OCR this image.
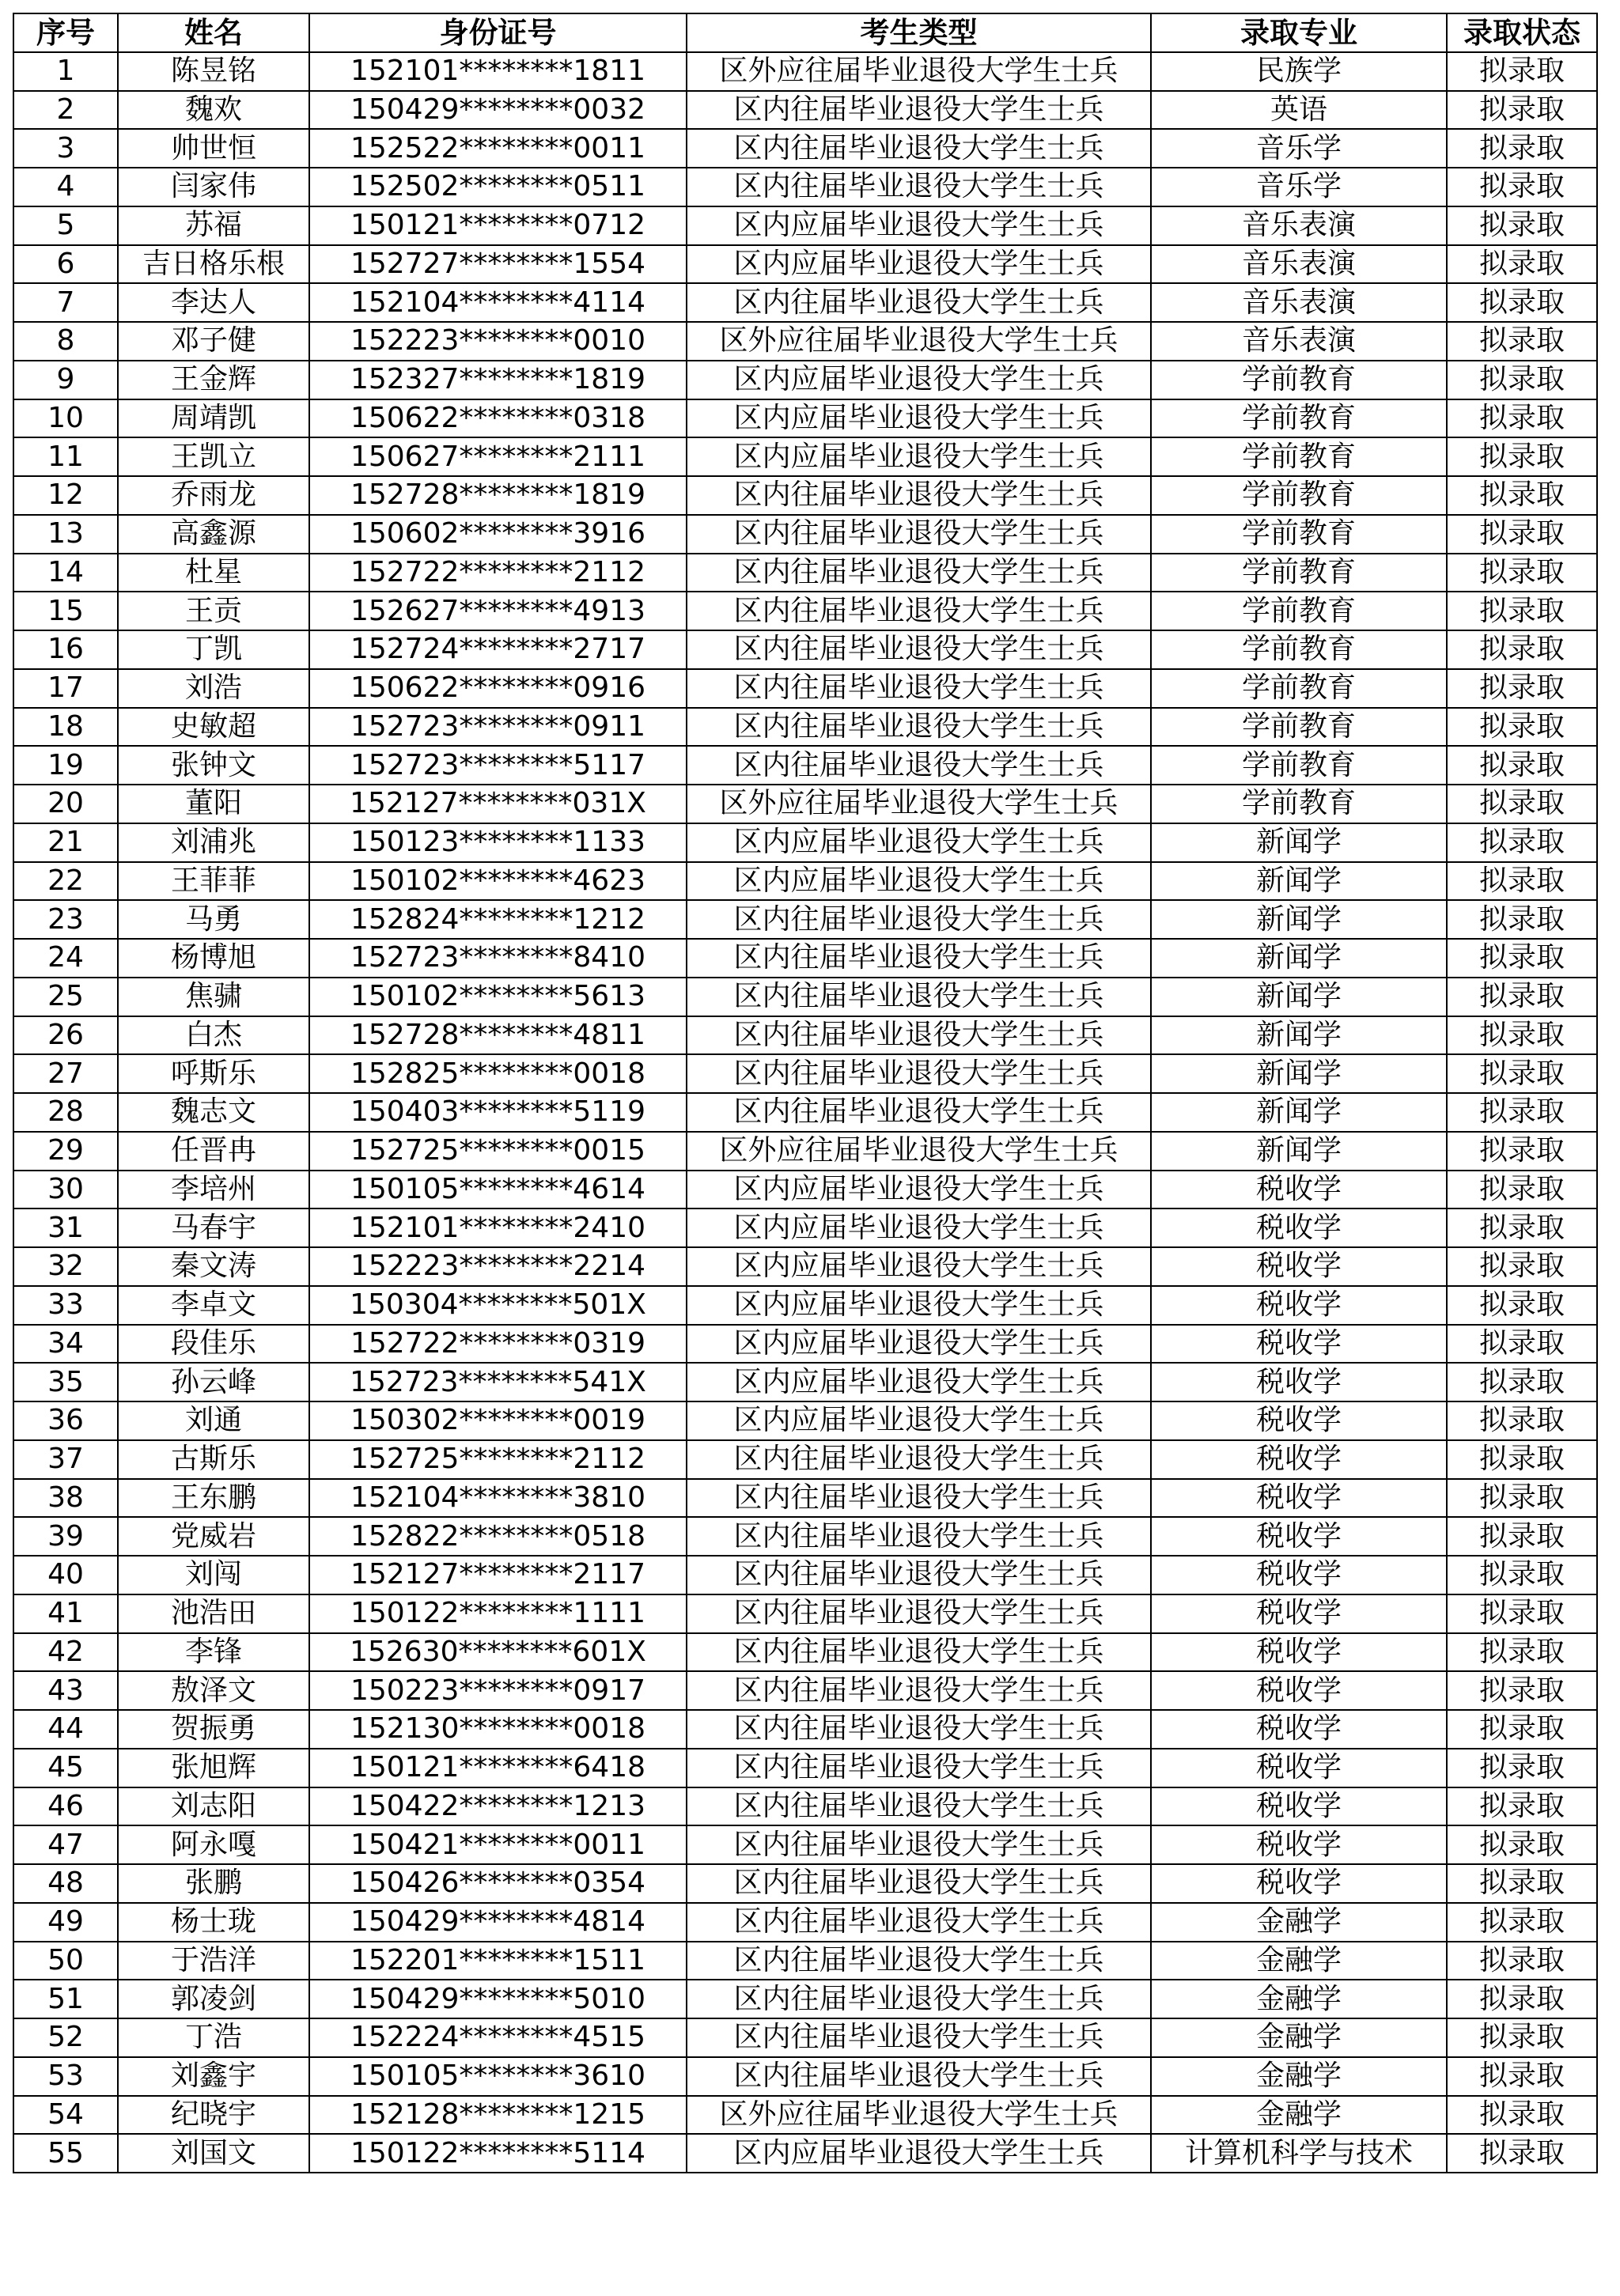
序号	姓名	身份证号	考生类型	录取专业	录取状态
1	陈昱铭	152101********1811	区外应往届毕业退役大学生士兵	民族学	拟录取
2	魏欢	150429********0032	区内往届毕业退役大学生士兵	英语	拟录取
3	帅世恒	152522********0011	区内往届毕业退役大学生士兵	音乐学	拟录取
4	闫家伟	152502********0511	区内往届毕业退役大学生士兵	音乐学	拟录取
5	苏福	150121********0712	区内应届毕业退役大学生士兵	音乐表演	拟录取
6	吉日格乐根	152727********1554	区内应届毕业退役大学生士兵	音乐表演	拟录取
7	李达人	152104********4114	区内往届毕业退役大学生士兵	音乐表演	拟录取
8	邓子健	152223********0010	区外应往届毕业退役大学生士兵	音乐表演	拟录取
9	王金辉	152327********1819	区内应届毕业退役大学生士兵	学前教育	拟录取
10	周靖凯	150622********0318	区内应届毕业退役大学生士兵	学前教育	拟录取
11	王凯立	150627********2111	区内应届毕业退役大学生士兵	学前教育	拟录取
12	乔雨龙	152728********1819	区内往届毕业退役大学生士兵	学前教育	拟录取
13	高鑫源	150602********3916	区内往届毕业退役大学生士兵	学前教育	拟录取
14	杜星	152722********2112	区内往届毕业退役大学生士兵	学前教育	拟录取
15	王贡	152627********4913	区内往届毕业退役大学生士兵	学前教育	拟录取
16	丁凯	152724********2717	区内往届毕业退役大学生士兵	学前教育	拟录取
17	刘浩	150622********0916	区内往届毕业退役大学生士兵	学前教育	拟录取
18	史敏超	152723********0911	区内往届毕业退役大学生士兵	学前教育	拟录取
19	张钟文	152723********5117	区内往届毕业退役大学生士兵	学前教育	拟录取
20	董阳	152127********031X	区外应往届毕业退役大学生士兵	学前教育	拟录取
21	刘浦兆	150123********1133	区内应届毕业退役大学生士兵	新闻学	拟录取
22	王菲菲	150102********4623	区内应届毕业退役大学生士兵	新闻学	拟录取
23	马勇	152824********1212	区内往届毕业退役大学生士兵	新闻学	拟录取
24	杨博旭	152723********8410	区内往届毕业退役大学生士兵	新闻学	拟录取
25	焦骕	150102********5613	区内往届毕业退役大学生士兵	新闻学	拟录取
26	白杰	152728********4811	区内往届毕业退役大学生士兵	新闻学	拟录取
27	呼斯乐	152825********0018	区内往届毕业退役大学生士兵	新闻学	拟录取
28	魏志文	150403********5119	区内往届毕业退役大学生士兵	新闻学	拟录取
29	任晋冉	152725********0015	区外应往届毕业退役大学生士兵	新闻学	拟录取
30	李培州	150105********4614	区内应届毕业退役大学生士兵	税收学	拟录取
31	马春宇	152101********2410	区内应届毕业退役大学生士兵	税收学	拟录取
32	秦文涛	152223********2214	区内应届毕业退役大学生士兵	税收学	拟录取
33	李卓文	150304********501X	区内应届毕业退役大学生士兵	税收学	拟录取
34	段佳乐	152722********0319	区内应届毕业退役大学生士兵	税收学	拟录取
35	孙云峰	152723********541X	区内应届毕业退役大学生士兵	税收学	拟录取
36	刘通	150302********0019	区内应届毕业退役大学生士兵	税收学	拟录取
37	古斯乐	152725********2112	区内往届毕业退役大学生士兵	税收学	拟录取
38	王东鹏	152104********3810	区内往届毕业退役大学生士兵	税收学	拟录取
39	党威岩	152822********0518	区内往届毕业退役大学生士兵	税收学	拟录取
40	刘闯	152127********2117	区内往届毕业退役大学生士兵	税收学	拟录取
41	池浩田	150122********1111	区内往届毕业退役大学生士兵	税收学	拟录取
42	李锋	152630********601X	区内往届毕业退役大学生士兵	税收学	拟录取
43	敖泽文	150223********0917	区内往届毕业退役大学生士兵	税收学	拟录取
44	贺振勇	152130********0018	区内往届毕业退役大学生士兵	税收学	拟录取
45	张旭辉	150121********6418	区内往届毕业退役大学生士兵	税收学	拟录取
46	刘志阳	150422********1213	区内往届毕业退役大学生士兵	税收学	拟录取
47	阿永嘎	150421********0011	区内往届毕业退役大学生士兵	税收学	拟录取
48	张鹏	150426********0354	区内往届毕业退役大学生士兵	税收学	拟录取
49	杨士珑	150429********4814	区内往届毕业退役大学生士兵	金融学	拟录取
50	于浩洋	152201********1511	区内往届毕业退役大学生士兵	金融学	拟录取
51	郭凌剑	150429********5010	区内往届毕业退役大学生士兵	金融学	拟录取
52	丁浩	152224********4515	区内往届毕业退役大学生士兵	金融学	拟录取
53	刘鑫宇	150105********3610	区内往届毕业退役大学生士兵	金融学	拟录取
54	纪晓宇	152128********1215	区外应往届毕业退役大学生士兵	金融学	拟录取
55	刘国文	150122********5114	区内应届毕业退役大学生士兵	计算机科学与技术	拟录取
